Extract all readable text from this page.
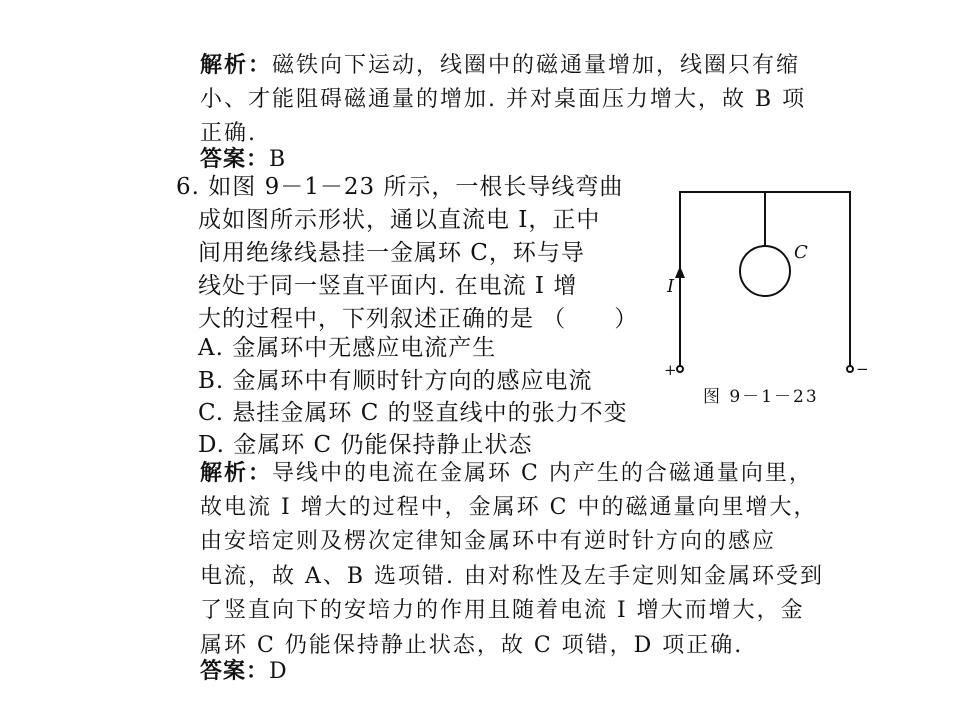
解析：磁铁向下运动，线圈中的磁通量增加，线圈只有缩
小、才能阻碍磁通量的增加. 并对桌面压力增大，故 B 项
正确.
答案：B
6. 如图 9－1－23 所示，一根长导线弯曲
成如图所示形状，通以直流电 I，正中
间用绝缘线悬挂一金属环 C，环与导
线处于同一竖直平面内. 在电流 I 增
大的过程中，下列叙述正确的是 （　　）
A. 金属环中无感应电流产生
B. 金属环中有顺时针方向的感应电流
C. 悬挂金属环 C 的竖直线中的张力不变
D. 金属环 C 仍能保持静止状态
C
I
+	−
图 9－1－23
解析：导线中的电流在金属环 C 内产生的合磁通量向里，
故电流 I 增大的过程中，金属环 C 中的磁通量向里增大，
由安培定则及楞次定律知金属环中有逆时针方向的感应
电流，故 A、B 选项错. 由对称性及左手定则知金属环受到
了竖直向下的安培力的作用且随着电流 I 增大而增大，金
属环 C 仍能保持静止状态，故 C 项错，D 项正确.
答案：D
